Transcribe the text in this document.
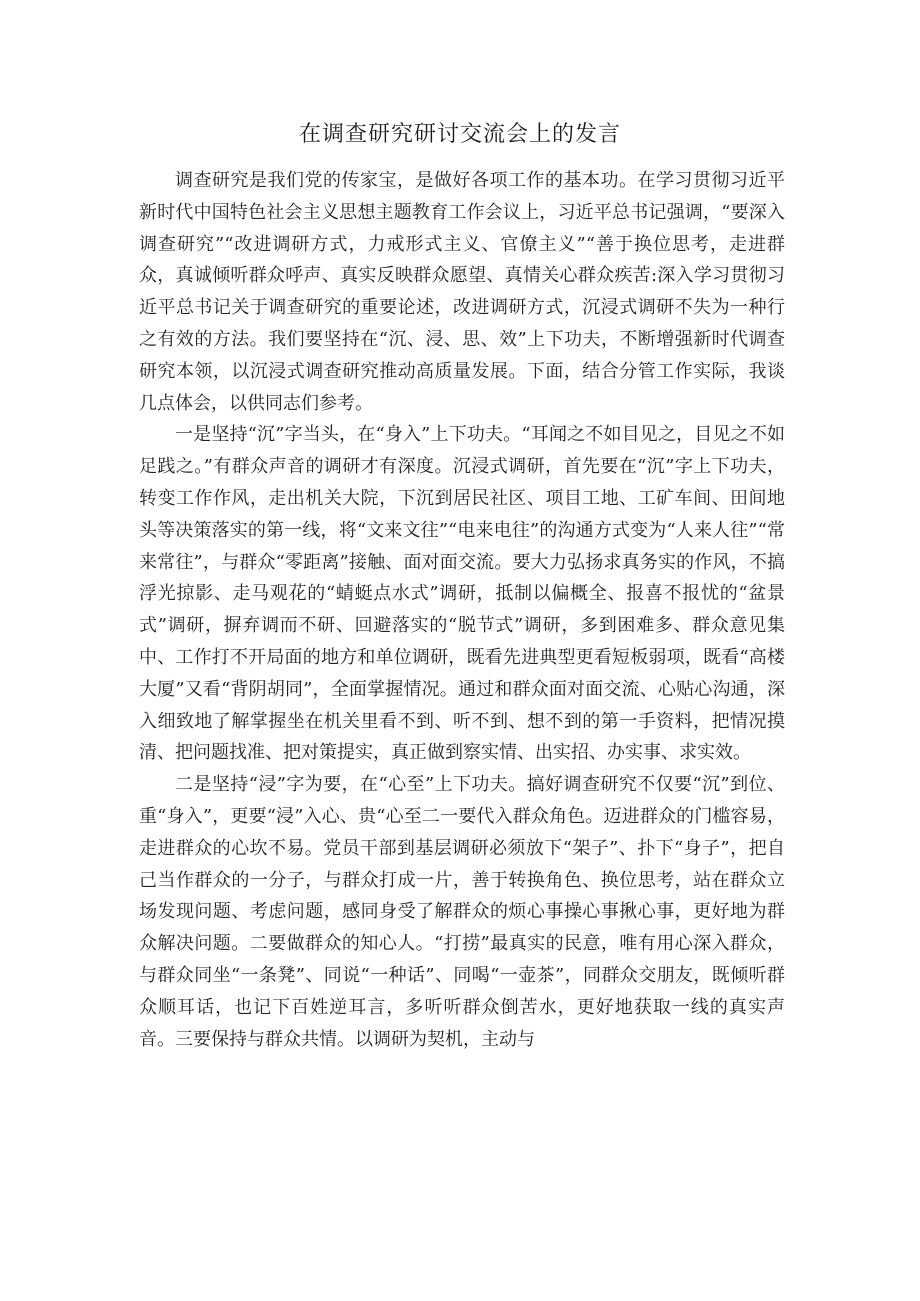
在调查研究研讨交流会上的发言

调查研究是我们党的传家宝，是做好各项工作的基本功。在学习贯彻习近平新时代中国特色社会主义思想主题教育工作会议上，习近平总书记强调，“要深入调查研究”“改进调研方式，力戒形式主义、官僚主义”“善于换位思考，走进群众，真诚倾听群众呼声、真实反映群众愿望、真情关心群众疾苦:深入学习贯彻习近平总书记关于调查研究的重要论述，改进调研方式，沉浸式调研不失为一种行之有效的方法。我们要坚持在“沉、浸、思、效”上下功夫，不断增强新时代调查研究本领，以沉浸式调查研究推动高质量发展。下面，结合分管工作实际，我谈几点体会，以供同志们参考。

一是坚持“沉”字当头，在“身入”上下功夫。“耳闻之不如目见之，目见之不如足践之。”有群众声音的调研才有深度。沉浸式调研，首先要在“沉”字上下功夫，转变工作作风，走出机关大院，下沉到居民社区、项目工地、工矿车间、田间地头等决策落实的第一线，将“文来文往”“电来电往”的沟通方式变为“人来人往”“常来常往”，与群众“零距离”接触、面对面交流。要大力弘扬求真务实的作风，不搞浮光掠影、走马观花的“蜻蜓点水式”调研，抵制以偏概全、报喜不报忧的“盆景式”调研，摒弃调而不研、回避落实的“脱节式”调研，多到困难多、群众意见集中、工作打不开局面的地方和单位调研，既看先进典型更看短板弱项，既看“高楼大厦”又看“背阴胡同”，全面掌握情况。通过和群众面对面交流、心贴心沟通，深入细致地了解掌握坐在机关里看不到、听不到、想不到的第一手资料，把情况摸清、把问题找准、把对策提实，真正做到察实情、出实招、办实事、求实效。

二是坚持“浸”字为要，在“心至”上下功夫。搞好调查研究不仅要“沉”到位、重“身入”，更要“浸”入心、贵“心至二一要代入群众角色。迈进群众的门槛容易，走进群众的心坎不易。党员干部到基层调研必须放下“架子”、扑下“身子”，把自己当作群众的一分子，与群众打成一片，善于转换角色、换位思考，站在群众立场发现问题、考虑问题，感同身受了解群众的烦心事操心事揪心事，更好地为群众解决问题。二要做群众的知心人。“打捞”最真实的民意，唯有用心深入群众，与群众同坐“一条凳”、同说“一种话”、同喝“一壶茶”，同群众交朋友，既倾听群众顺耳话，也记下百姓逆耳言，多听听群众倒苦水，更好地获取一线的真实声音。三要保持与群众共情。以调研为契机，主动与
